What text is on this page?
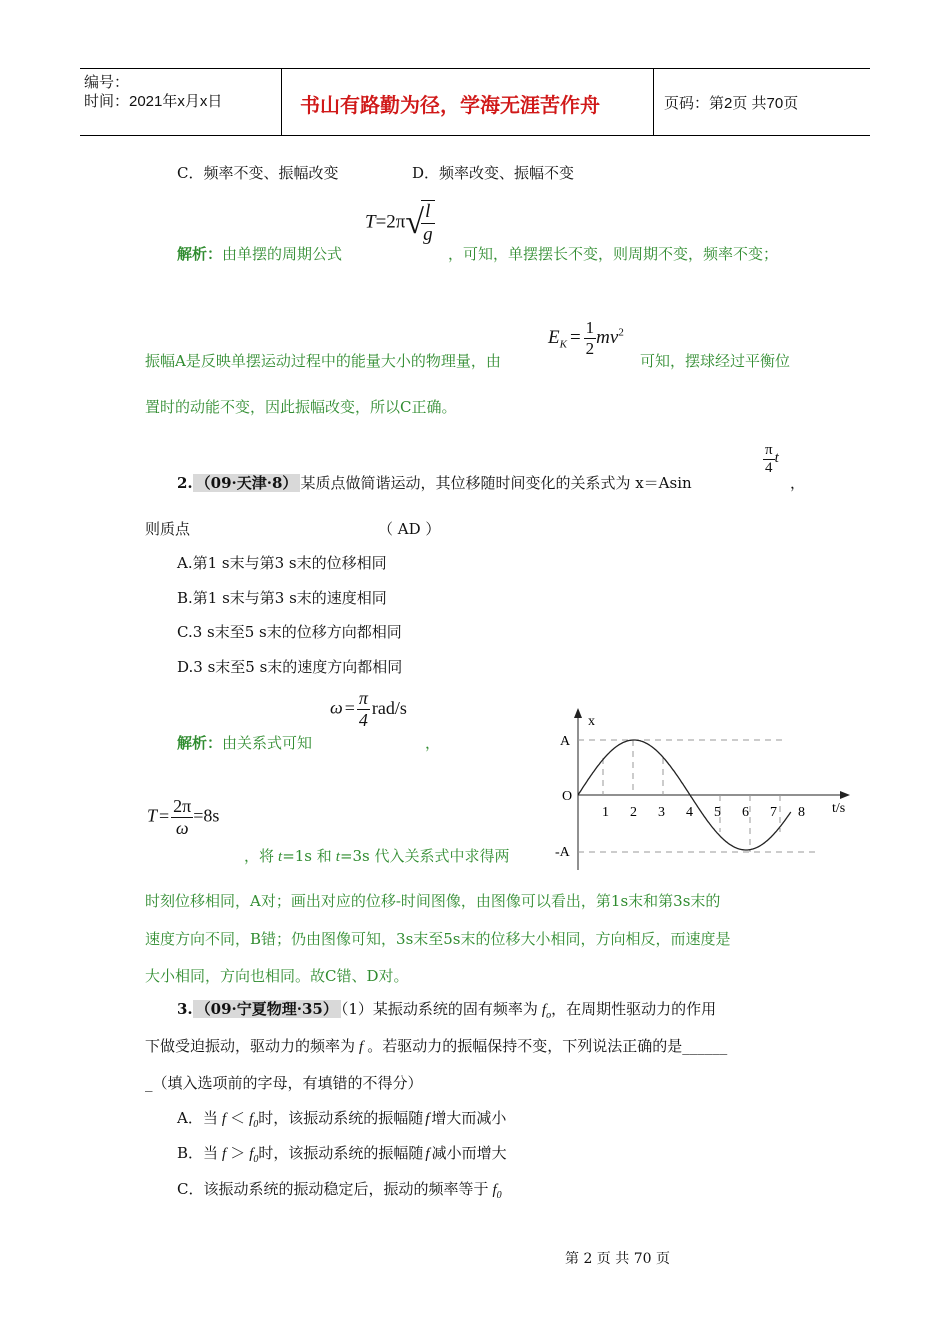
编号：
时间：2021年x月x日	书山有路勤为径，学海无涯苦作舟	页码：第2页 共70页
C．频率不变、振幅改变	D．频率改变、振幅不变
T=2π√
$\frac{l}{g}$
解析：由单摆的周期公式	，可知，单摆摆长不变，则周期不变，频率不变；
$E_K = \frac{1}{2} mv^2$
振幅A是反映单摆运动过程中的能量大小的物理量，由	可知，摆球经过平衡位
置时的动能不变，因此振幅改变，所以C正确。
2. （09·天津·8） 某质点做简谐运动，其位移随时间变化的关系式为 x＝Asin
$\frac{\pi}{4}$ t
，
则质点	（ AD ）
A.第1 s末与第3 s末的位移相同
B.第1 s末与第3 s末的速度相同
C.3 s末至5 s末的位移方向都相同
D.3 s末至5 s末的速度方向都相同
$\omega = \frac{\pi}{4} rad/s$
解析：由关系式可知	，
$T = \frac{2\pi}{\omega} =8s$
，将 t=1s 和 t=3s 代入关系式中求得两
时刻位移相同，A对；画出对应的位移-时间图像，由图像可以看出，第1s末和第3s末的
速度方向不同，B错；仍由图像可知，3s末至5s末的位移大小相同，方向相反，而速度是
大小相同，方向也相同。故C错、D对。
x
t/s
A
O
-A
1 2 3 4 5 6 7 8
3. （09·宁夏物理·35） （1）某振动系统的固有频率为 $f_o$，在周期性驱动力的作用
下做受迫振动，驱动力的频率为 f 。若驱动力的振幅保持不变，下列说法正确的是______
_（填入选项前的字母，有填错的不得分）
A．当 $f < f_0$时，该振动系统的振幅随 f 增大而减小
B．当 $f > f_0$时，该振动系统的振幅随 f 减小而增大
C．该振动系统的振动稳定后，振动的频率等于 $f_0$
第 2 页 共 70 页
